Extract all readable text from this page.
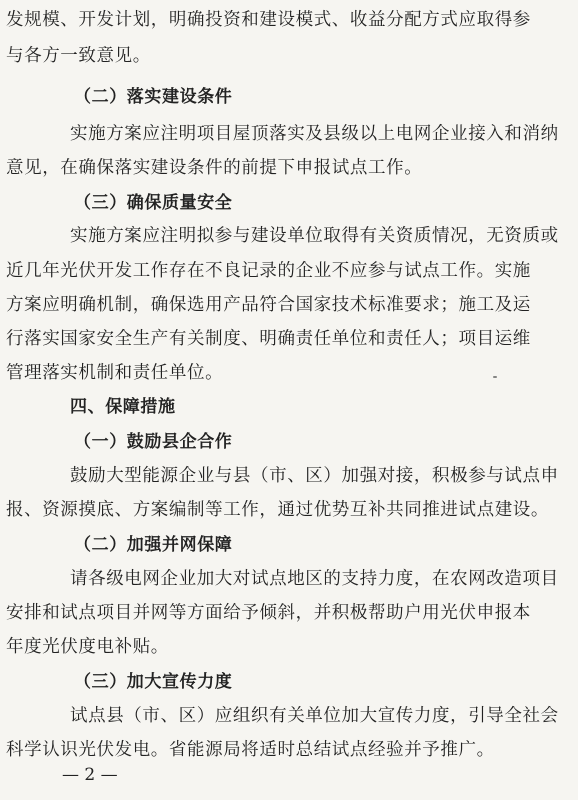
发规模、开发计划，明确投资和建设模式、收益分配方式应取得参
与各方一致意见。
（二）落实建设条件
实施方案应注明项目屋顶落实及县级以上电网企业接入和消纳
意见，在确保落实建设条件的前提下申报试点工作。
（三）确保质量安全
实施方案应注明拟参与建设单位取得有关资质情况，无资质或
近几年光伏开发工作存在不良记录的企业不应参与试点工作。实施
方案应明确机制，确保选用产品符合国家技术标准要求；施工及运
行落实国家安全生产有关制度、明确责任单位和责任人；项目运维
管理落实机制和责任单位。
四、保障措施
（一）鼓励县企合作
鼓励大型能源企业与县（市、区）加强对接，积极参与试点申
报、资源摸底、方案编制等工作，通过优势互补共同推进试点建设。
（二）加强并网保障
请各级电网企业加大对试点地区的支持力度，在农网改造项目
安排和试点项目并网等方面给予倾斜，并积极帮助户用光伏申报本
年度光伏度电补贴。
（三）加大宣传力度
试点县（市、区）应组织有关单位加大宣传力度，引导全社会
科学认识光伏发电。省能源局将适时总结试点经验并予推广。
— 2 —
